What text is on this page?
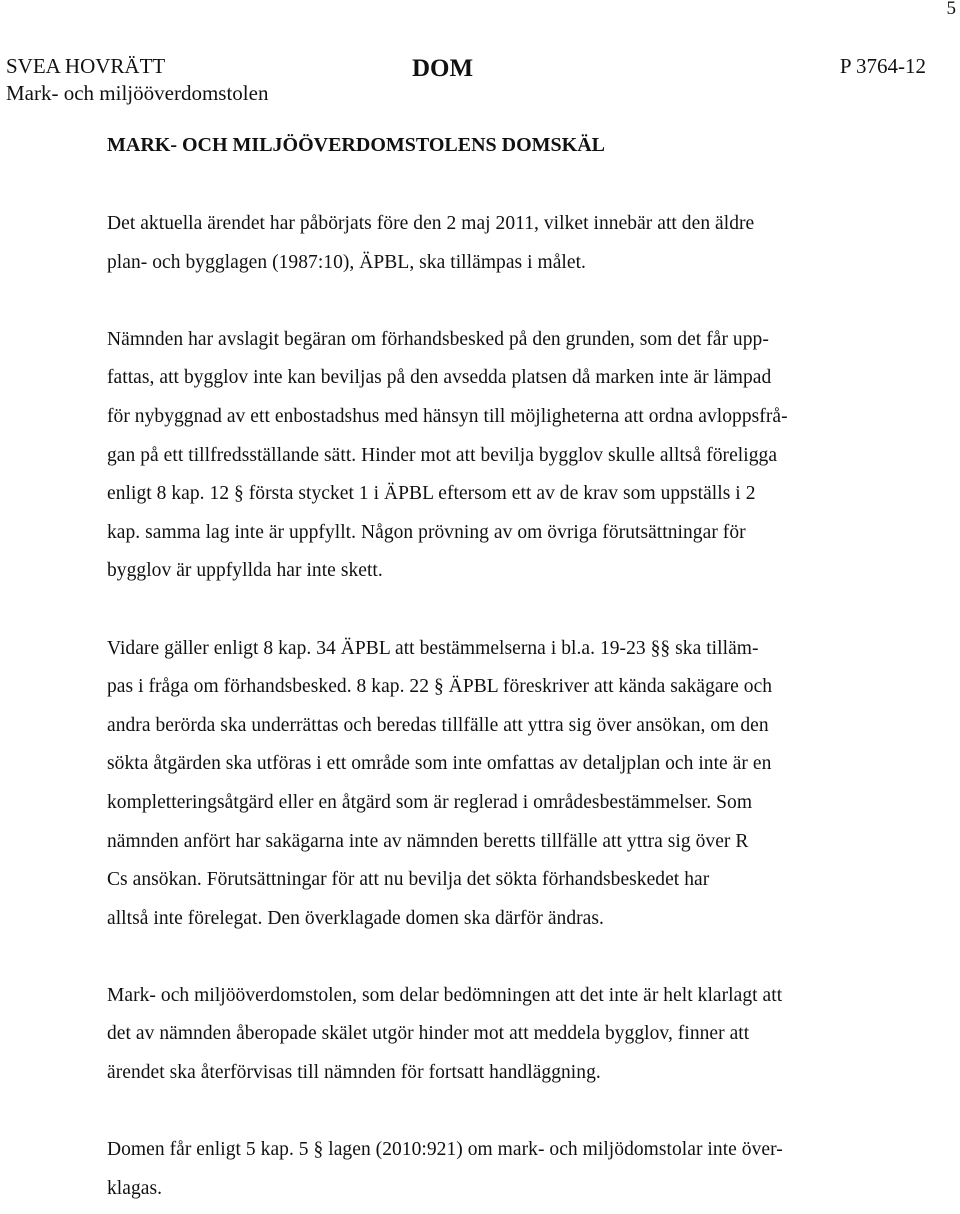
5
SVEA HOVRÄTT
Mark- och miljööverdomstolen
DOM	P 3764-12
MARK- OCH MILJÖÖVERDOMSTOLENS DOMSKÄL

Det aktuella ärendet har påbörjats före den 2 maj 2011, vilket innebär att den äldre
plan- och bygglagen (1987:10), ÄPBL, ska tillämpas i målet.

Nämnden har avslagit begäran om förhandsbesked på den grunden, som det får upp-
fattas, att bygglov inte kan beviljas på den avsedda platsen då marken inte är lämpad
för nybyggnad av ett enbostadshus med hänsyn till möjligheterna att ordna avloppsfrå-
gan på ett tillfredsställande sätt. Hinder mot att bevilja bygglov skulle alltså föreligga
enligt 8 kap. 12 § första stycket 1 i ÄPBL eftersom ett av de krav som uppställs i 2
kap. samma lag inte är uppfyllt. Någon prövning av om övriga förutsättningar för
bygglov är uppfyllda har inte skett.

Vidare gäller enligt 8 kap. 34 ÄPBL att bestämmelserna i bl.a. 19-23 §§ ska tilläm-
pas i fråga om förhandsbesked. 8 kap. 22 § ÄPBL föreskriver att kända sakägare och
andra berörda ska underrättas och beredas tillfälle att yttra sig över ansökan, om den
sökta åtgärden ska utföras i ett område som inte omfattas av detaljplan och inte är en
kompletteringsåtgärd eller en åtgärd som är reglerad i områdesbestämmelser. Som
nämnden anfört har sakägarna inte av nämnden beretts tillfälle att yttra sig över R
Cs ansökan. Förutsättningar för att nu bevilja det sökta förhandsbeskedet har
alltså inte förelegat. Den överklagade domen ska därför ändras.

Mark- och miljööverdomstolen, som delar bedömningen att det inte är helt klarlagt att
det av nämnden åberopade skälet utgör hinder mot att meddela bygglov, finner att
ärendet ska återförvisas till nämnden för fortsatt handläggning.

Domen får enligt 5 kap. 5 § lagen (2010:921) om mark- och miljödomstolar inte över-
klagas.
